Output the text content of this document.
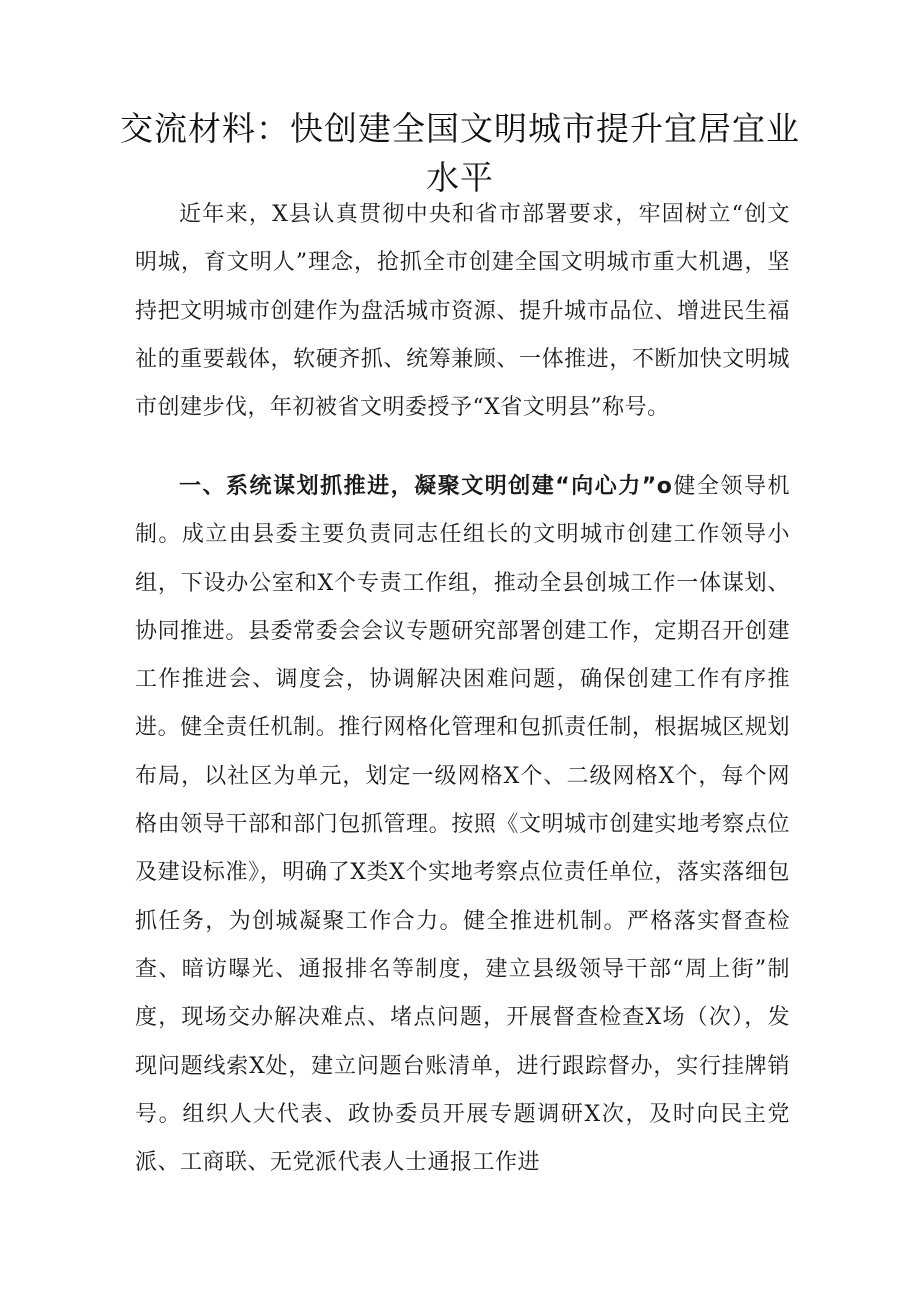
交流材料：快创建全国文明城市提升宜居宜业水平

近年来，X县认真贯彻中央和省市部署要求，牢固树立“创文明城，育文明人”理念，抢抓全市创建全国文明城市重大机遇，坚持把文明城市创建作为盘活城市资源、提升城市品位、增进民生福祉的重要载体，软硬齐抓、统筹兼顾、一体推进，不断加快文明城市创建步伐，年初被省文明委授予“X省文明县”称号。

一、系统谋划抓推进，凝聚文明创建“向心力”o健全领导机制。成立由县委主要负责同志任组长的文明城市创建工作领导小组，下设办公室和X个专责工作组，推动全县创城工作一体谋划、协同推进。县委常委会会议专题研究部署创建工作，定期召开创建工作推进会、调度会，协调解决困难问题，确保创建工作有序推进。健全责任机制。推行网格化管理和包抓责任制，根据城区规划布局，以社区为单元，划定一级网格X个、二级网格X个，每个网格由领导干部和部门包抓管理。按照《文明城市创建实地考察点位及建设标准》，明确了X类X个实地考察点位责任单位，落实落细包抓任务，为创城凝聚工作合力。健全推进机制。严格落实督查检查、暗访曝光、通报排名等制度，建立县级领导干部“周上街”制度，现场交办解决难点、堵点问题，开展督查检查X场（次），发现问题线索X处，建立问题台账清单，进行跟踪督办，实行挂牌销号。组织人大代表、政协委员开展专题调研X次，及时向民主党派、工商联、无党派代表人士通报工作进
